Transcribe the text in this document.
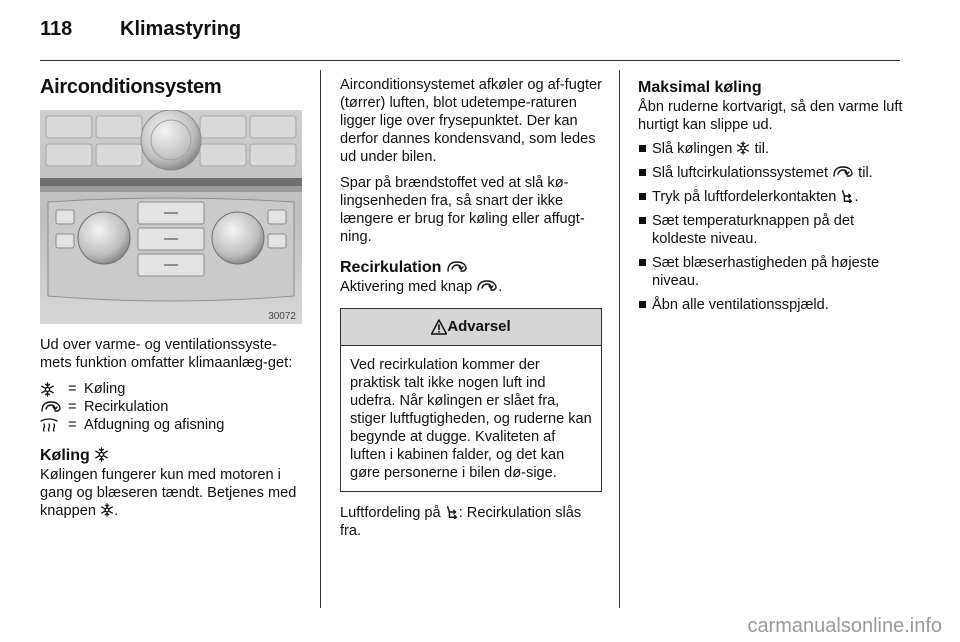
118	Klimastyring
Airconditionsystem
30072

Ud over varme- og ventilationssyste-mets funktion omfatter klimaanlæg-get:

= Køling
= Recirkulation
= Afdugning og afisning
Køling

Kølingen fungerer kun med motoren i gang og blæseren tændt. Betjenes med knappen .

Airconditionsystemet afkøler og af-fugter (tørrer) luften, blot udetempe-raturen ligger lige over frysepunktet. Der kan derfor dannes kondensvand, som ledes ud under bilen.

Spar på brændstoffet ved at slå kø-lingsenheden fra, så snart der ikke længere er brug for køling eller affugt-ning.

Recirkulation

Aktivering med knap .

Advarsel
Ved recirkulation kommer der praktisk talt ikke nogen luft ind udefra. Når kølingen er slået fra, stiger luftfugtigheden, og ruderne kan begynde at dugge. Kvaliteten af luften i kabinen falder, og det kan gøre personerne i bilen dø-sige.

Luftfordeling på : Recirkulation slås fra.

Maksimal køling

Åbn ruderne kortvarigt, så den varme luft hurtigt kan slippe ud.

Slå kølingen til.
Slå luftcirkulationssystemet til.
Tryk på luftfordelerkontakten .
Sæt temperaturknappen på det koldeste niveau.
Sæt blæserhastigheden på højeste niveau.
Åbn alle ventilationsspjæld.
carmanualsonline.info
